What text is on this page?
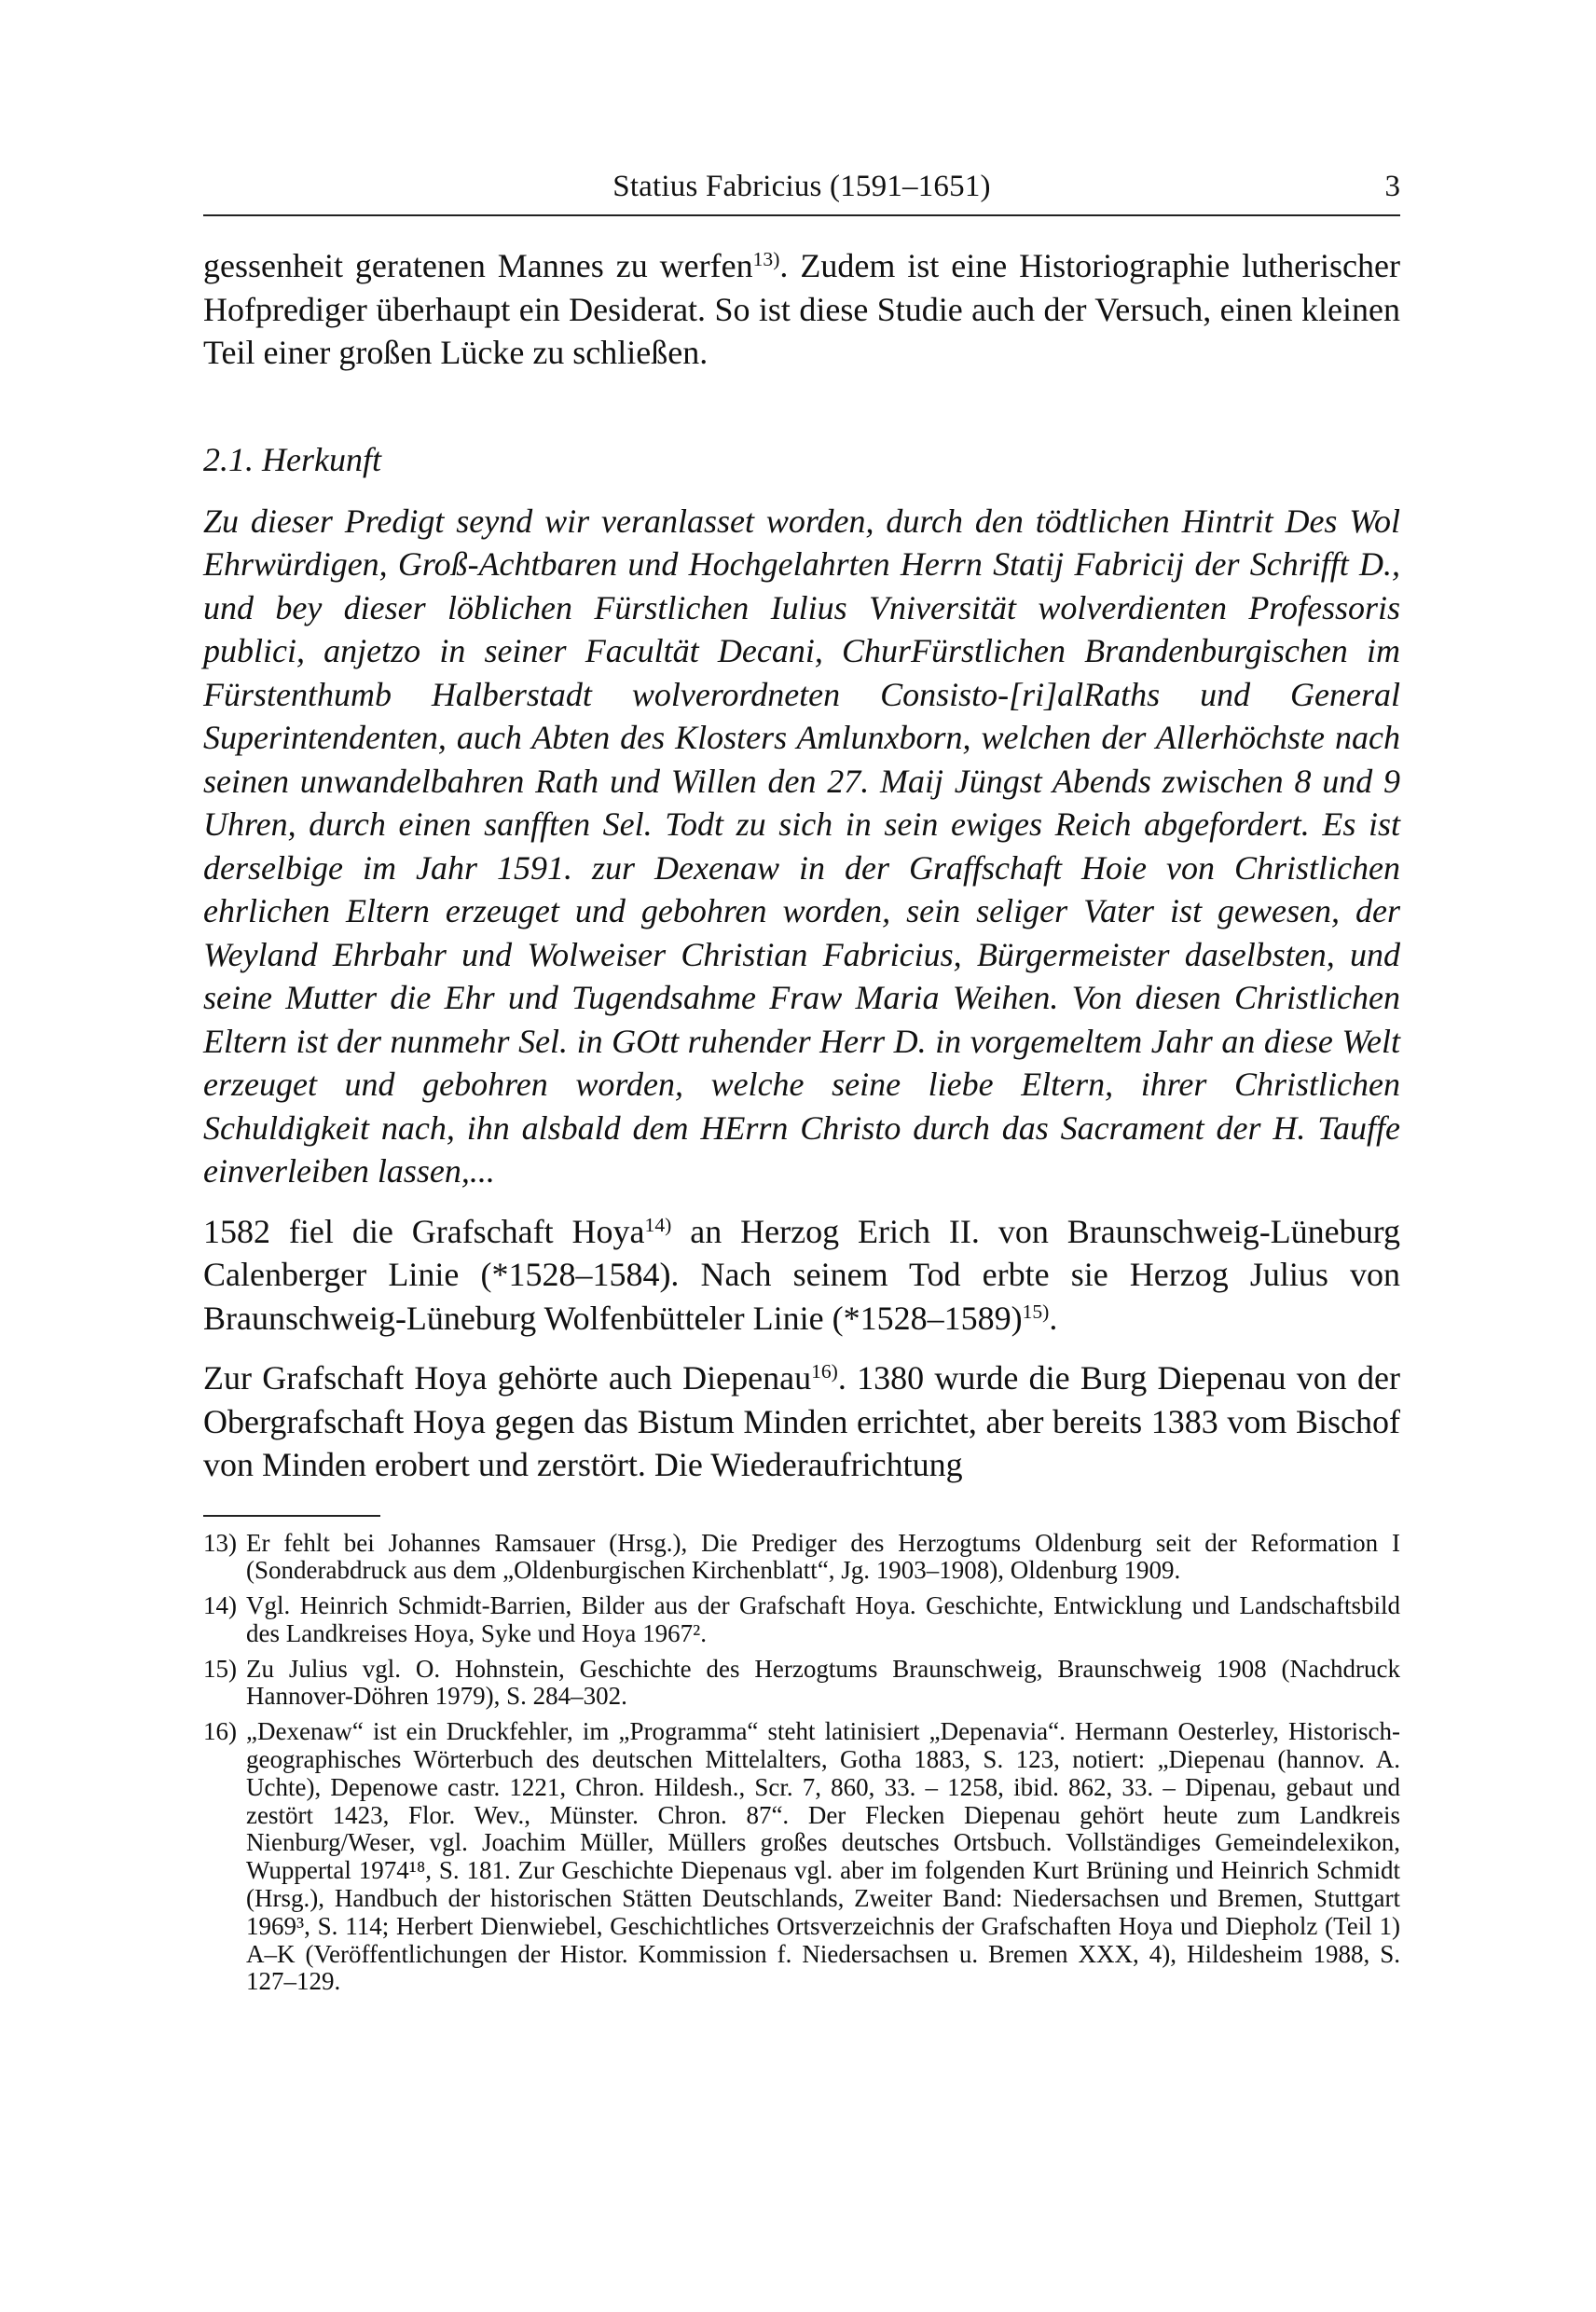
Statius Fabricius (1591–1651)	3

gessenheit geratenen Mannes zu werfen$^{13)}$. Zudem ist eine Historiographie lutherischer Hofprediger überhaupt ein Desiderat. So ist diese Studie auch der Versuch, einen kleinen Teil einer großen Lücke zu schließen.

2.1. Herkunft

Zu dieser Predigt seynd wir veranlasset worden, durch den tödtlichen Hintrit Des Wol Ehrwürdigen, Groß-Achtbaren und Hochgelahrten Herrn Statij Fabricij der Schrifft D., und bey dieser löblichen Fürstlichen Iulius Vniversität wolverdienten Professoris publici, anjetzo in seiner Facultät Decani, ChurFürstlichen Brandenburgischen im Fürstenthumb Halberstadt wolverordneten Consisto-[ri]alRaths und General Superintendenten, auch Abten des Klosters Amlunxborn, welchen der Allerhöchste nach seinen unwandelbahren Rath und Willen den 27. Maij Jüngst Abends zwischen 8 und 9 Uhren, durch einen sanfften Sel. Todt zu sich in sein ewiges Reich abgefordert. Es ist derselbige im Jahr 1591. zur Dexenaw in der Graffschaft Hoie von Christlichen ehrlichen Eltern erzeuget und gebohren worden, sein seliger Vater ist gewesen, der Weyland Ehrbahr und Wolweiser Christian Fabricius, Bürgermeister daselbsten, und seine Mutter die Ehr und Tugendsahme Fraw Maria Weihen. Von diesen Christlichen Eltern ist der nunmehr Sel. in GOtt ruhender Herr D. in vorgemeltem Jahr an diese Welt erzeuget und gebohren worden, welche seine liebe Eltern, ihrer Christlichen Schuldigkeit nach, ihn alsbald dem HErrn Christo durch das Sacrament der H. Tauffe einverleiben lassen,...

1582 fiel die Grafschaft Hoya$^{14)}$ an Herzog Erich II. von Braunschweig-Lüneburg Calenberger Linie (*1528–1584). Nach seinem Tod erbte sie Herzog Julius von Braunschweig-Lüneburg Wolfenbütteler Linie $(*1528-1589)^{15)}$.

Zur Grafschaft Hoya gehörte auch Diepenau$^{16)}$. 1380 wurde die Burg Diepenau von der Obergrafschaft Hoya gegen das Bistum Minden errichtet, aber bereits 1383 vom Bischof von Minden erobert und zerstört. Die Wiederaufrichtung

13) Er fehlt bei Johannes Ramsauer (Hrsg.), Die Prediger des Herzogtums Oldenburg seit der Reformation I (Sonderabdruck aus dem „Oldenburgischen Kirchenblatt“, Jg. 1903–1908), Oldenburg 1909.
14) Vgl. Heinrich Schmidt-Barrien, Bilder aus der Grafschaft Hoya. Geschichte, Entwicklung und Landschaftsbild des Landkreises Hoya, Syke und Hoya 1967².
15) Zu Julius vgl. O. Hohnstein, Geschichte des Herzogtums Braunschweig, Braunschweig 1908 (Nachdruck Hannover-Döhren 1979), S. 284–302.
16) „Dexenaw“ ist ein Druckfehler, im „Programma“ steht latinisiert „Depenavia“. Hermann Oesterley, Historisch-geographisches Wörterbuch des deutschen Mittelalters, Gotha 1883, S. 123, notiert: „Diepenau (hannov. A. Uchte), Depenowe castr. 1221, Chron. Hildesh., Scr. 7, 860, 33. – 1258, ibid. 862, 33. – Dipenau, gebaut und zestört 1423, Flor. Wev., Münster. Chron. 87“. Der Flecken Diepenau gehört heute zum Landkreis Nienburg/Weser, vgl. Joachim Müller, Müllers großes deutsches Ortsbuch. Vollständiges Gemeindelexikon, Wuppertal 1974¹⁸, S. 181. Zur Geschichte Diepenaus vgl. aber im folgenden Kurt Brüning und Heinrich Schmidt (Hrsg.), Handbuch der historischen Stätten Deutschlands, Zweiter Band: Niedersachsen und Bremen, Stuttgart 1969³, S. 114; Herbert Dienwiebel, Geschichtliches Ortsverzeichnis der Grafschaften Hoya und Diepholz (Teil 1) A–K (Veröffentlichungen der Histor. Kommission f. Niedersachsen u. Bremen XXX, 4), Hildesheim 1988, S. 127–129.
